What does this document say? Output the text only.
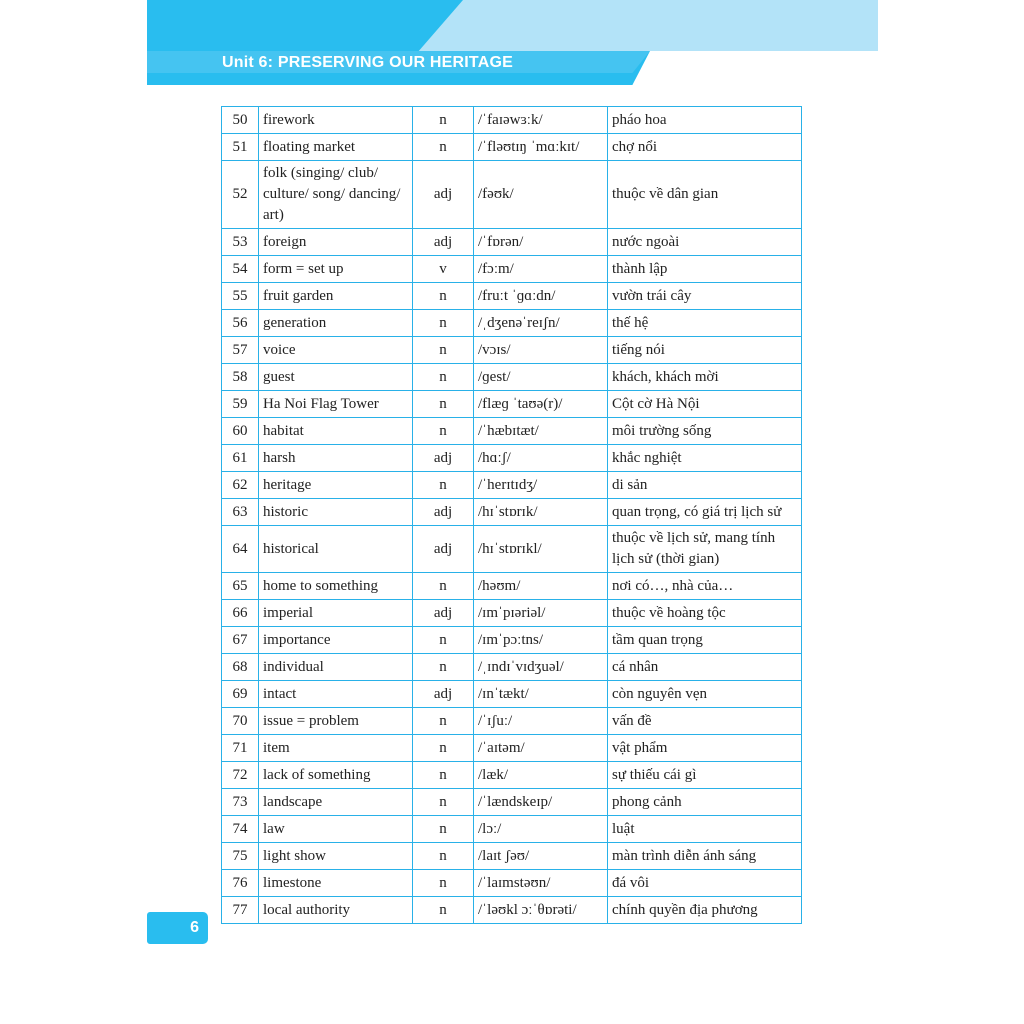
Unit 6: PRESERVING OUR HERITAGE
50	firework	n	/ˈfaɪəwɜːk/	pháo hoa
51	floating market	n	/ˈfləʊtɪŋ ˈmɑːkɪt/	chợ nổi
52	folk (singing/ club/ culture/ song/ dancing/ art)	adj	/fəʊk/	thuộc về dân gian
53	foreign	adj	/ˈfɒrən/	nước ngoài
54	form = set up	v	/fɔːm/	thành lập
55	fruit garden	n	/fruːt ˈɡɑːdn/	vườn trái cây
56	generation	n	/ˌdʒenəˈreɪʃn/	thế hệ
57	voice	n	/vɔɪs/	tiếng nói
58	guest	n	/ɡest/	khách, khách mời
59	Ha Noi Flag Tower	n	/flæɡ ˈtaʊə(r)/	Cột cờ Hà Nội
60	habitat	n	/ˈhæbɪtæt/	môi trường sống
61	harsh	adj	/hɑːʃ/	khắc nghiệt
62	heritage	n	/ˈherɪtɪdʒ/	di sản
63	historic	adj	/hɪˈstɒrɪk/	quan trọng, có giá trị lịch sử
64	historical	adj	/hɪˈstɒrɪkl/	thuộc về lịch sử, mang tính lịch sử (thời gian)
65	home to something	n	/həʊm/	nơi có…, nhà của…
66	imperial	adj	/ɪmˈpɪəriəl/	thuộc về hoàng tộc
67	importance	n	/ɪmˈpɔːtns/	tầm quan trọng
68	individual	n	/ˌɪndɪˈvɪdʒuəl/	cá nhân
69	intact	adj	/ɪnˈtækt/	còn nguyên vẹn
70	issue = problem	n	/ˈɪʃuː/	vấn đề
71	item	n	/ˈaɪtəm/	vật phẩm
72	lack of something	n	/læk/	sự thiếu cái gì
73	landscape	n	/ˈlændskeɪp/	phong cảnh
74	law	n	/lɔː/	luật
75	light show	n	/laɪt ʃəʊ/	màn trình diễn ánh sáng
76	limestone	n	/ˈlaɪmstəʊn/	đá vôi
77	local authority	n	/ˈləʊkl ɔːˈθɒrəti/	chính quyền địa phương
6
